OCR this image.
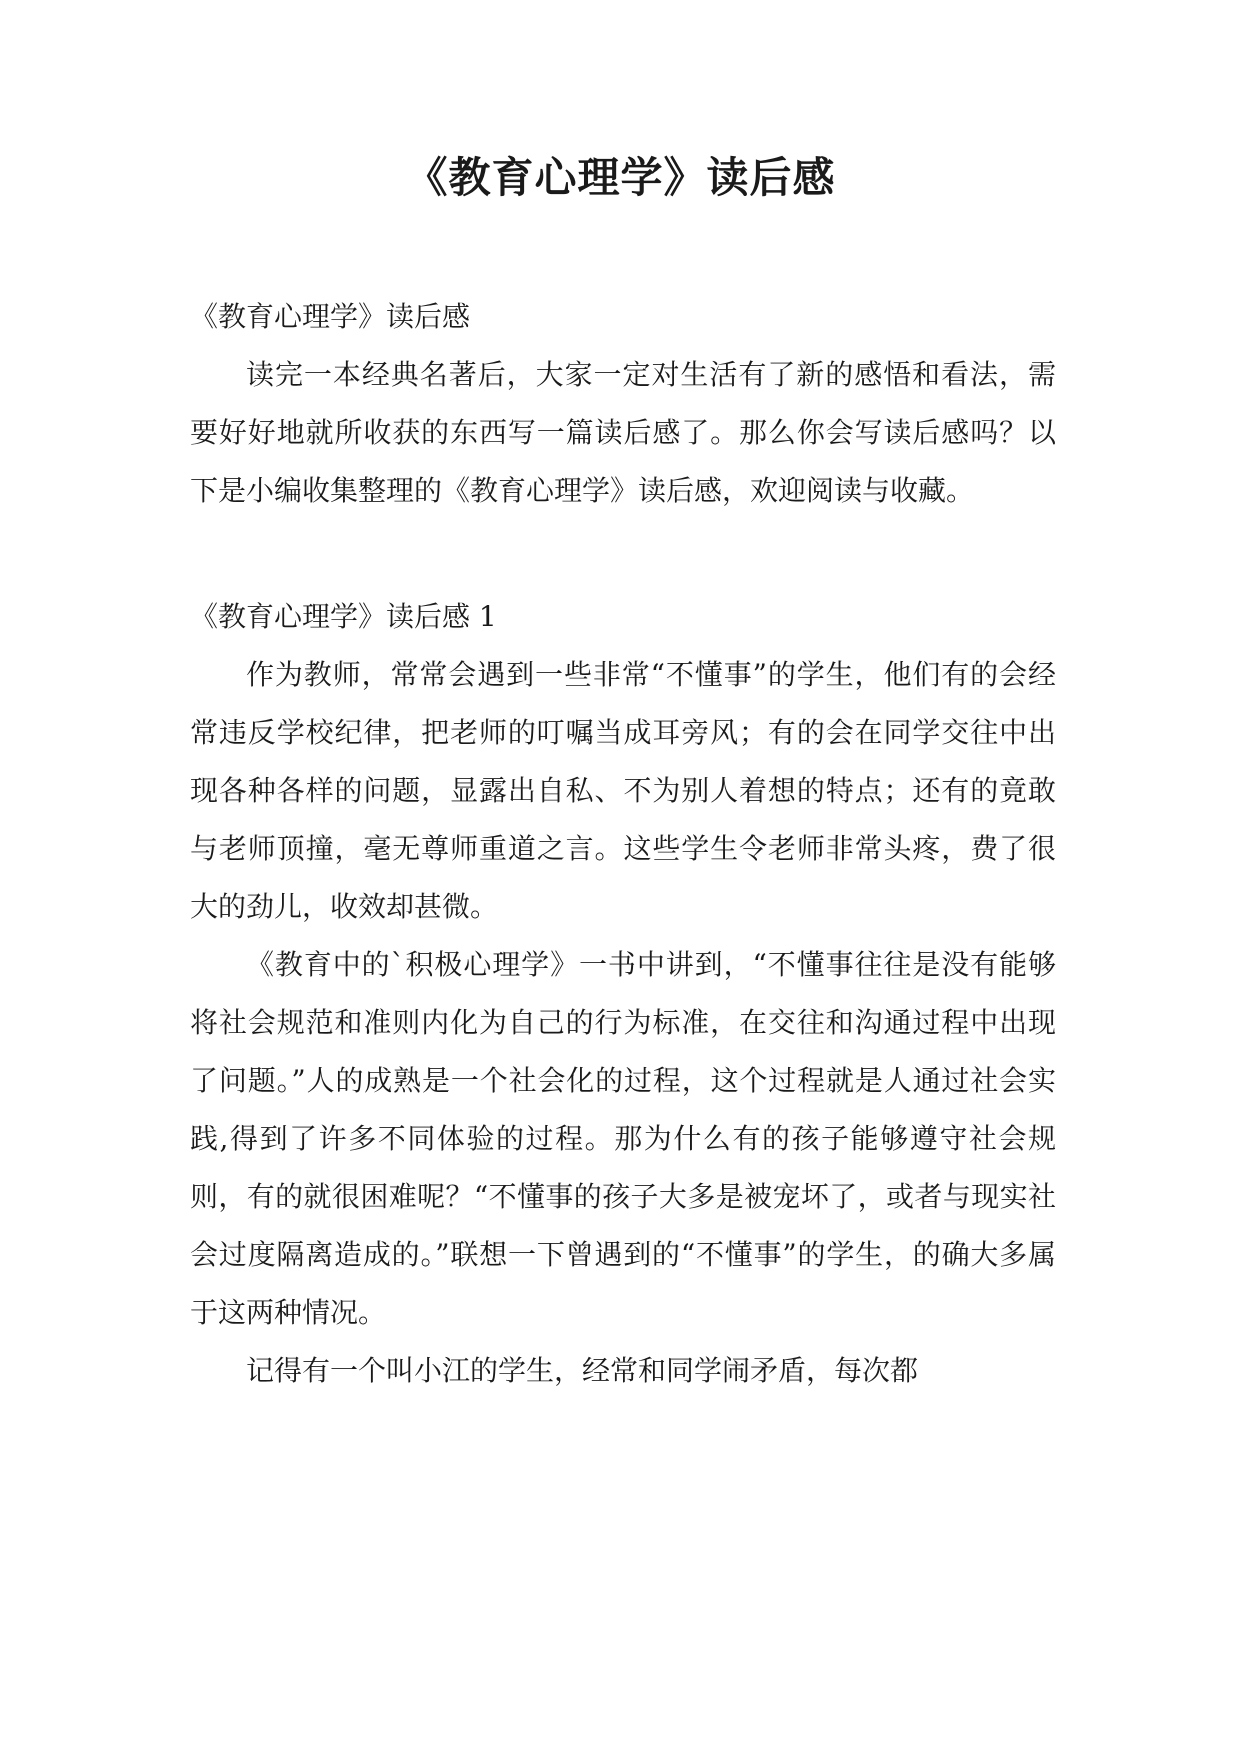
《教育心理学》读后感

《教育心理学》读后感

读完一本经典名著后，大家一定对生活有了新的感悟和看法，需要好好地就所收获的东西写一篇读后感了。那么你会写读后感吗？以下是小编收集整理的《教育心理学》读后感，欢迎阅读与收藏。

《教育心理学》读后感 1

作为教师，常常会遇到一些非常“不懂事”的学生，他们有的会经常违反学校纪律，把老师的叮嘱当成耳旁风；有的会在同学交往中出现各种各样的问题，显露出自私、不为别人着想的特点；还有的竟敢与老师顶撞，毫无尊师重道之言。这些学生令老师非常头疼，费了很大的劲儿，收效却甚微。

《教育中的`积极心理学》一书中讲到，“不懂事往往是没有能够将社会规范和准则内化为自己的行为标准，在交往和沟通过程中出现了问题。”人的成熟是一个社会化的过程，这个过程就是人通过社会实践,得到了许多不同体验的过程。那为什么有的孩子能够遵守社会规则，有的就很困难呢？“不懂事的孩子大多是被宠坏了，或者与现实社会过度隔离造成的。”联想一下曾遇到的“不懂事”的学生，的确大多属于这两种情况。

记得有一个叫小江的学生，经常和同学闹矛盾，每次都
